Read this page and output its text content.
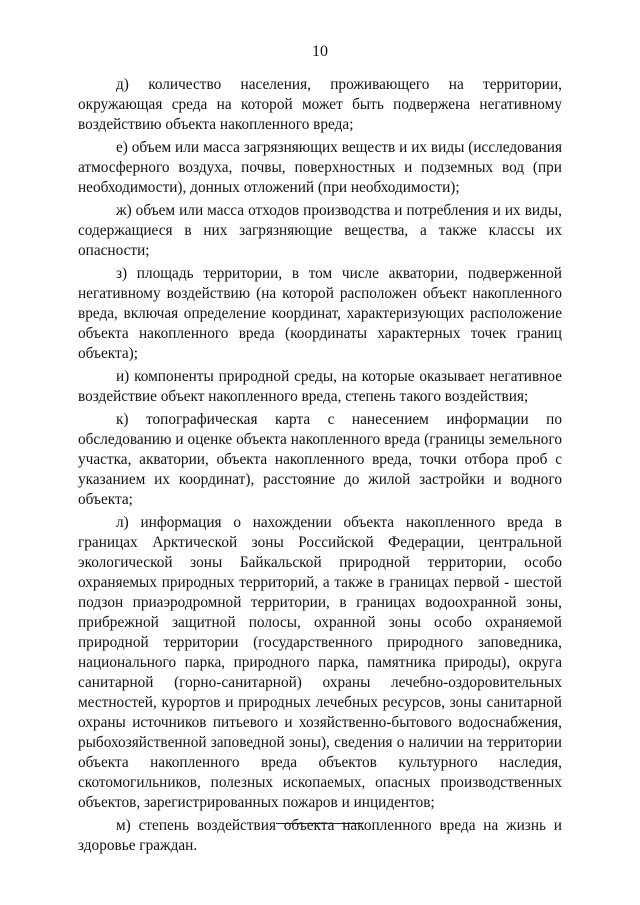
10

д) количество населения, проживающего на территории, окружающая среда на которой может быть подвержена негативному воздействию объекта накопленного вреда;

е) объем или масса загрязняющих веществ и их виды (исследования атмосферного воздуха, почвы, поверхностных и подземных вод (при необходимости), донных отложений (при необходимости);

ж) объем или масса отходов производства и потребления и их виды, содержащиеся в них загрязняющие вещества, а также классы их опасности;

з) площадь территории, в том числе акватории, подверженной негативному воздействию (на которой расположен объект накопленного вреда, включая определение координат, характеризующих расположение объекта накопленного вреда (координаты характерных точек границ объекта);

и) компоненты природной среды, на которые оказывает негативное воздействие объект накопленного вреда, степень такого воздействия;

к) топографическая карта с нанесением информации по обследованию и оценке объекта накопленного вреда (границы земельного участка, акватории, объекта накопленного вреда, точки отбора проб с указанием их координат), расстояние до жилой застройки и водного объекта;

л) информация о нахождении объекта накопленного вреда в границах Арктической зоны Российской Федерации, центральной экологической зоны Байкальской природной территории, особо охраняемых природных территорий, а также в границах первой - шестой подзон приаэродромной территории, в границах водоохранной зоны, прибрежной защитной полосы, охранной зоны особо охраняемой природной территории (государственного природного заповедника, национального парка, природного парка, памятника природы), округа санитарной (горно-санитарной) охраны лечебно-оздоровительных местностей, курортов и природных лечебных ресурсов, зоны санитарной охраны источников питьевого и хозяйственно-бытового водоснабжения, рыбохозяйственной заповедной зоны), сведения о наличии на территории объекта накопленного вреда объектов культурного наследия, скотомогильников, полезных ископаемых, опасных производственных объектов, зарегистрированных пожаров и инцидентов;

м) степень воздействия объекта накопленного вреда на жизнь и здоровье граждан.
